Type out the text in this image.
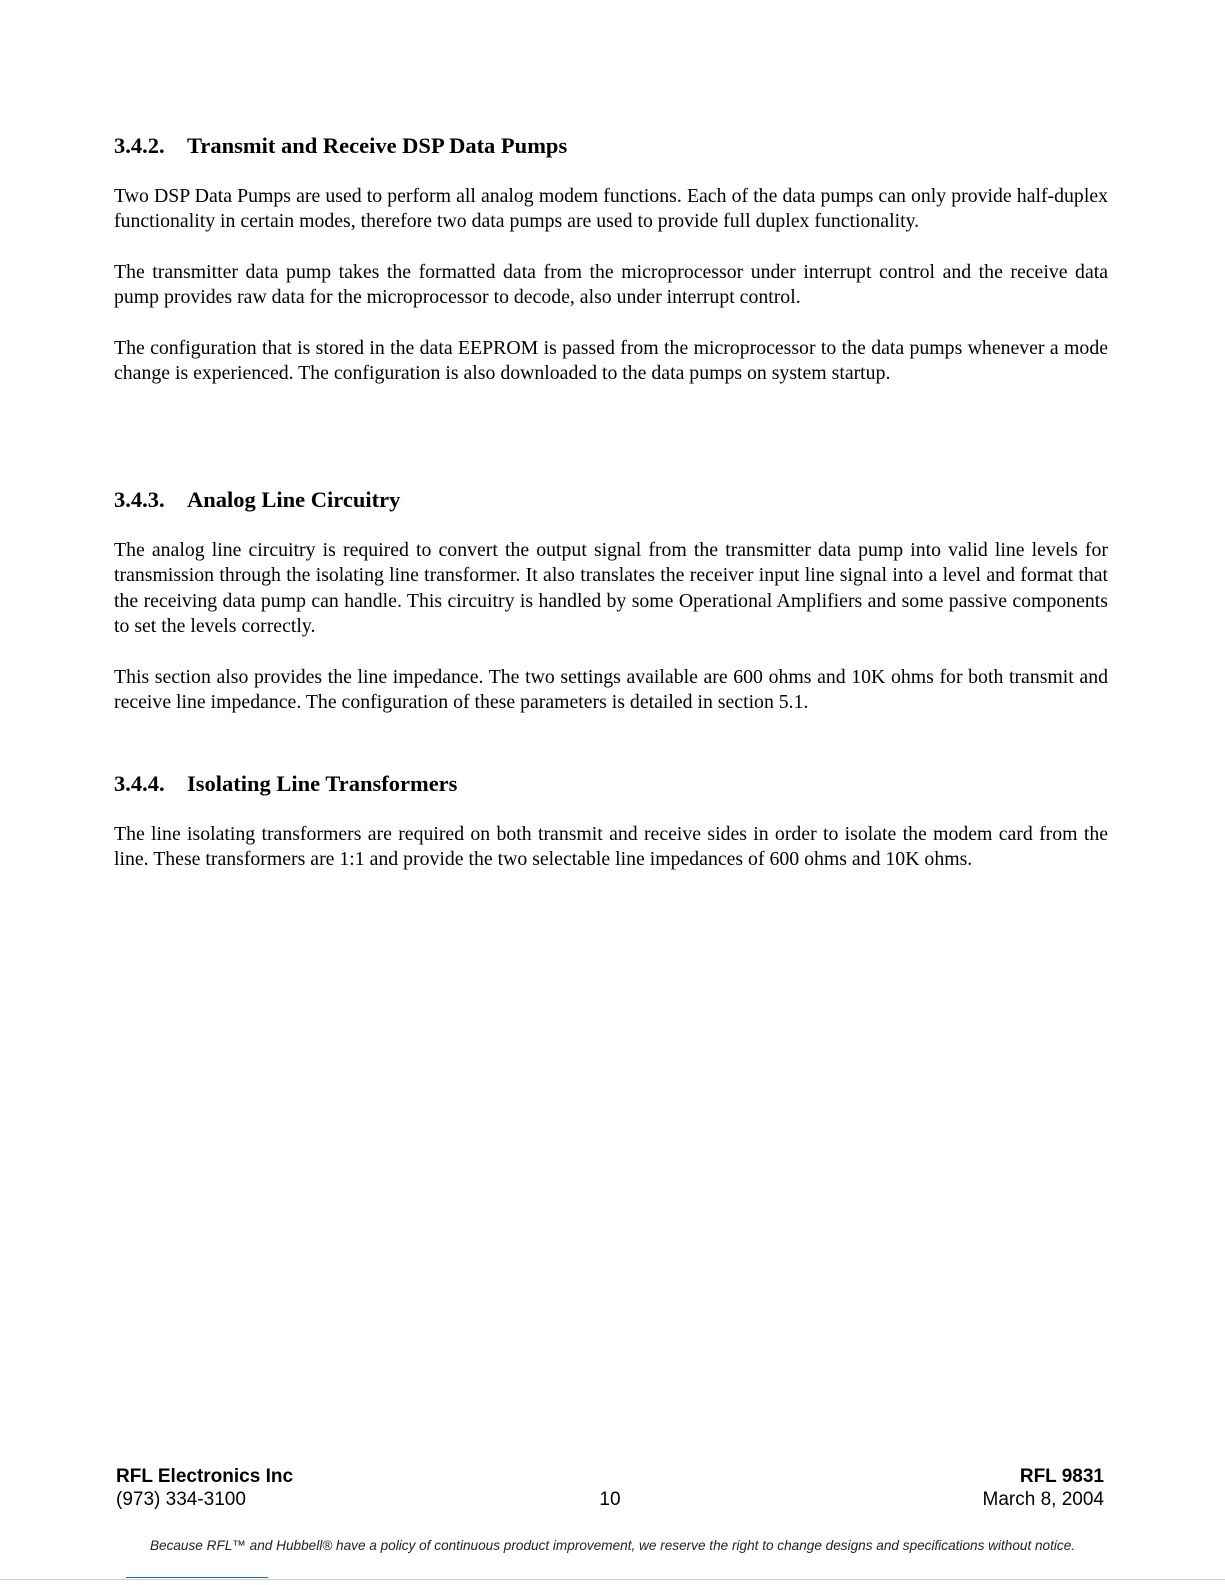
3.4.2. Transmit and Receive DSP Data Pumps

Two DSP Data Pumps are used to perform all analog modem functions. Each of the data pumps can only provide half-duplex functionality in certain modes, therefore two data pumps are used to provide full duplex functionality.

The transmitter data pump takes the formatted data from the microprocessor under interrupt control and the receive data pump provides raw data for the microprocessor to decode, also under interrupt control.

The configuration that is stored in the data EEPROM is passed from the microprocessor to the data pumps whenever a mode change is experienced. The configuration is also downloaded to the data pumps on system startup.

3.4.3. Analog Line Circuitry

The analog line circuitry is required to convert the output signal from the transmitter data pump into valid line levels for transmission through the isolating line transformer. It also translates the receiver input line signal into a level and format that the receiving data pump can handle. This circuitry is handled by some Operational Amplifiers and some passive components to set the levels correctly.

This section also provides the line impedance. The two settings available are 600 ohms and 10K ohms for both transmit and receive line impedance. The configuration of these parameters is detailed in section 5.1.

3.4.4. Isolating Line Transformers

The line isolating transformers are required on both transmit and receive sides in order to isolate the modem card from the line. These transformers are 1:1 and provide the two selectable line impedances of 600 ohms and 10K ohms.

RFL Electronics Inc
(973) 334-3100	10
RFL 9831
March 8, 2004
Because RFL™ and Hubbell® have a policy of continuous product improvement, we reserve the right to change designs and specifications without notice.
